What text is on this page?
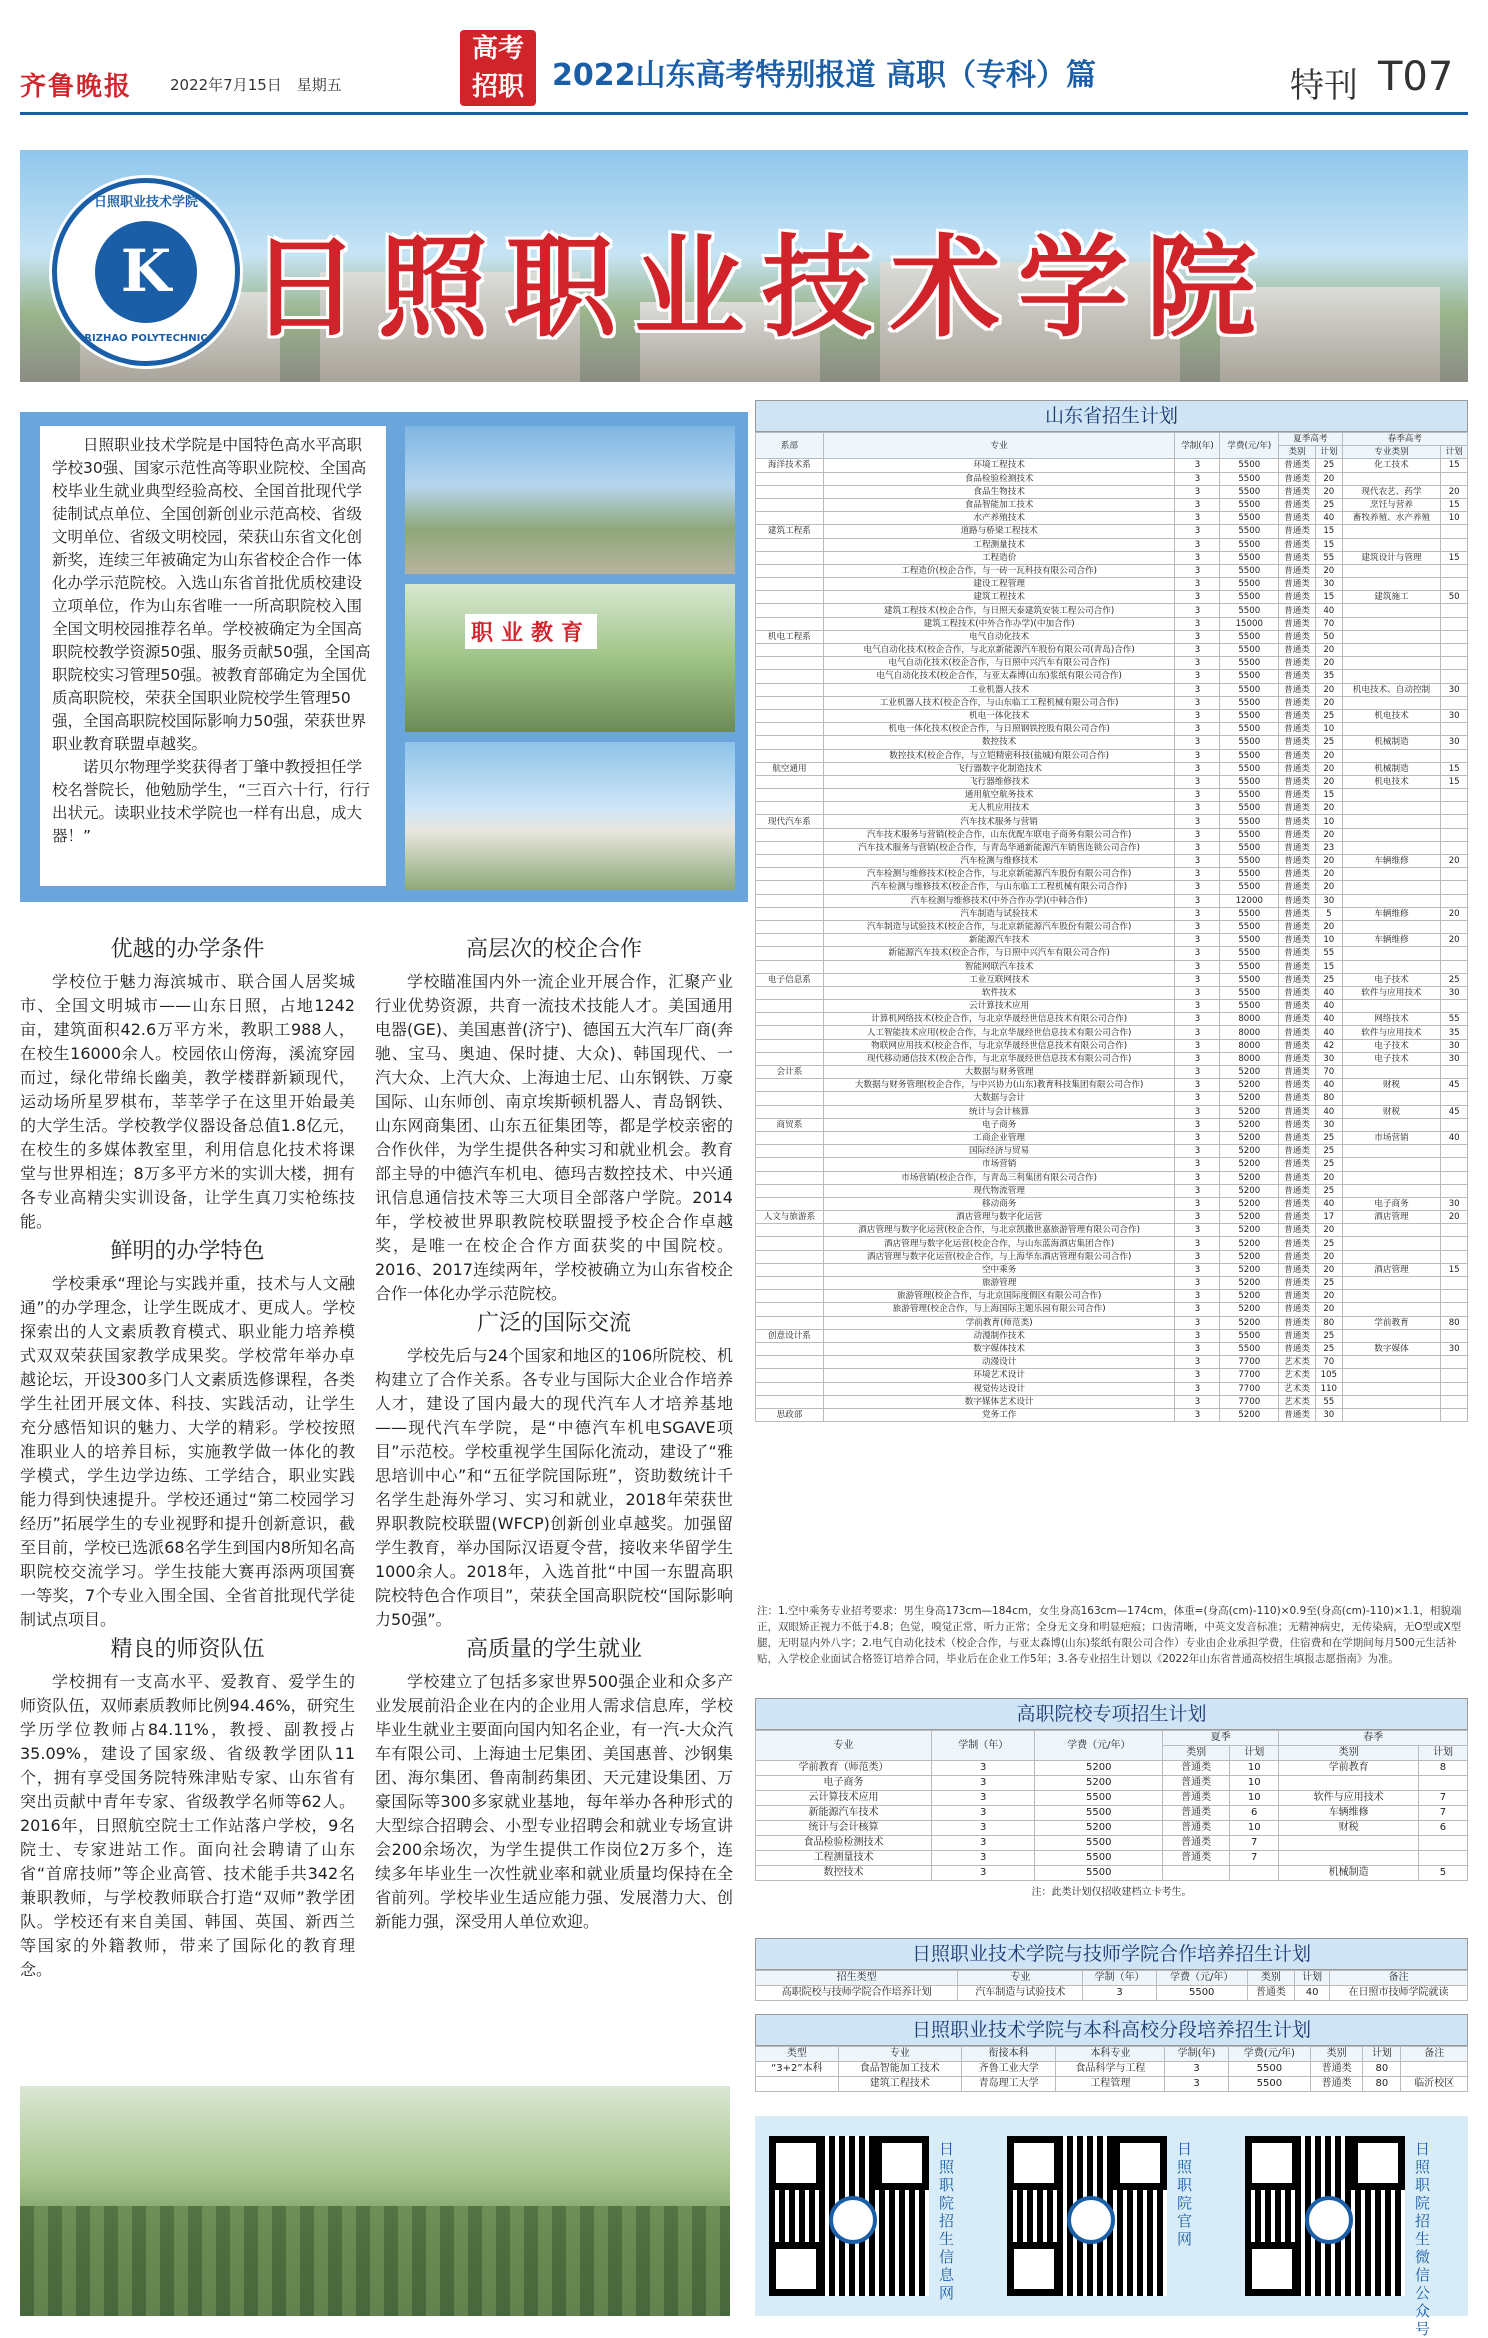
齐鲁晚报	2022年7月15日　星期五
高考
招职 2022山东高考特别报道 高职（专科）篇	特刊 T07
日照职业技术学院
K
RIZHAO POLYTECHNIC 日照职业技术学院
日照职业技术学院是中国特色高水平高职学校30强、国家示范性高等职业院校、全国高校毕业生就业典型经验高校、全国首批现代学徒制试点单位、全国创新创业示范高校、省级文明单位、省级文明校园，荣获山东省文化创新奖，连续三年被确定为山东省校企合作一体化办学示范院校。入选山东省首批优质校建设立项单位，作为山东省唯一一所高职院校入围全国文明校园推荐名单。学校被确定为全国高职院校教学资源50强、服务贡献50强，全国高职院校实习管理50强。被教育部确定为全国优质高职院校，荣获全国职业院校学生管理50强，全国高职院校国际影响力50强，荣获世界职业教育联盟卓越奖。
诺贝尔物理学奖获得者丁肇中教授担任学校名誉院长，他勉励学生，“三百六十行，行行出状元。读职业技术学院也一样有出息，成大器！”
职业教育
优越的办学条件

学校位于魅力海滨城市、联合国人居奖城市、全国文明城市——山东日照，占地1242亩，建筑面积42.6万平方米，教职工988人，在校生16000余人。校园依山傍海，溪流穿园而过，绿化带绵长幽美，教学楼群新颖现代，运动场所星罗棋布，莘莘学子在这里开始最美的大学生活。学校教学仪器设备总值1.8亿元，在校生的多媒体教室里，利用信息化技术将课堂与世界相连；8万多平方米的实训大楼，拥有各专业高精尖实训设备，让学生真刀实枪练技能。

鲜明的办学特色

学校秉承“理论与实践并重，技术与人文融通”的办学理念，让学生既成才、更成人。学校探索出的人文素质教育模式、职业能力培养模式双双荣获国家教学成果奖。学校常年举办卓越论坛，开设300多门人文素质选修课程，各类学生社团开展文体、科技、实践活动，让学生充分感悟知识的魅力、大学的精彩。学校按照准职业人的培养目标，实施教学做一体化的教学模式，学生边学边练、工学结合，职业实践能力得到快速提升。学校还通过“第二校园学习经历”拓展学生的专业视野和提升创新意识，截至目前，学校已选派68名学生到国内8所知名高职院校交流学习。学生技能大赛再添两项国赛一等奖，7个专业入围全国、全省首批现代学徒制试点项目。

精良的师资队伍

学校拥有一支高水平、爱教育、爱学生的师资队伍，双师素质教师比例94.46%，研究生学历学位教师占84.11%，教授、副教授占35.09%，建设了国家级、省级教学团队11个，拥有享受国务院特殊津贴专家、山东省有突出贡献中青年专家、省级教学名师等62人。2016年，日照航空院士工作站落户学校，9名院士、专家进站工作。面向社会聘请了山东省“首席技师”等企业高管、技术能手共342名兼职教师，与学校教师联合打造“双师”教学团队。学校还有来自美国、韩国、英国、新西兰等国家的外籍教师，带来了国际化的教育理念。

高层次的校企合作

学校瞄准国内外一流企业开展合作，汇聚产业行业优势资源，共育一流技术技能人才。美国通用电器(GE)、美国惠普(济宁)、德国五大汽车厂商(奔驰、宝马、奥迪、保时捷、大众)、韩国现代、一汽大众、上汽大众、上海迪士尼、山东钢铁、万豪国际、山东师创、南京埃斯顿机器人、青岛钢铁、山东网商集团、山东五征集团等，都是学校亲密的合作伙伴，为学生提供各种实习和就业机会。教育部主导的中德汽车机电、德玛吉数控技术、中兴通讯信息通信技术等三大项目全部落户学院。2014年，学校被世界职教院校联盟授予校企合作卓越奖，是唯一在校企合作方面获奖的中国院校。2016、2017连续两年，学校被确立为山东省校企合作一体化办学示范院校。

广泛的国际交流

学校先后与24个国家和地区的106所院校、机构建立了合作关系。各专业与国际大企业合作培养人才，建设了国内最大的现代汽车人才培养基地——现代汽车学院，是“中德汽车机电SGAVE项目”示范校。学校重视学生国际化流动，建设了“雅思培训中心”和“五征学院国际班”，资助数统计千名学生赴海外学习、实习和就业，2018年荣获世界职教院校联盟(WFCP)创新创业卓越奖。加强留学生教育，举办国际汉语夏令营，接收来华留学生1000余人。2018年，入选首批“中国一东盟高职院校特色合作项目”，荣获全国高职院校“国际影响力50强”。

高质量的学生就业

学校建立了包括多家世界500强企业和众多产业发展前沿企业在内的企业用人需求信息库，学校毕业生就业主要面向国内知名企业，有一汽-大众汽车有限公司、上海迪士尼集团、美国惠普、沙钢集团、海尔集团、鲁南制药集团、天元建设集团、万豪国际等300多家就业基地，每年举办各种形式的大型综合招聘会、小型专业招聘会和就业专场宣讲会200余场次，为学生提供工作岗位2万多个，连续多年毕业生一次性就业率和就业质量均保持在全省前列。学校毕业生适应能力强、发展潜力大、创新能力强，深受用人单位欢迎。

山东省招生计划
系部	专业	学制(年)	学费(元/年)	夏季高考		春季高考	
				类别	计划	专业类别	计划
海洋技术系	环境工程技术	3	5500	普通类	25	化工技术	15
	食品检验检测技术	3	5500	普通类	20		
	食品生物技术	3	5500	普通类	20	现代农艺、药学	20
	食品智能加工技术	3	5500	普通类	25	烹饪与营养	15
	水产养殖技术	3	5500	普通类	40	畜牧养殖、水产养殖	10
建筑工程系	道路与桥梁工程技术	3	5500	普通类	15		
	工程测量技术	3	5500	普通类	15		
	工程造价	3	5500	普通类	55	建筑设计与管理	15
	工程造价(校企合作，与一砖一瓦科技有限公司合作)	3	5500	普通类	20		
	建设工程管理	3	5500	普通类	30		
	建筑工程技术	3	5500	普通类	15	建筑施工	50
	建筑工程技术(校企合作，与日照天泰建筑安装工程公司合作)	3	5500	普通类	40		
	建筑工程技术(中外合作办学)(中加合作)	3	15000	普通类	70		
机电工程系	电气自动化技术	3	5500	普通类	50		
	电气自动化技术(校企合作，与北京新能源汽车股份有限公司(青岛)合作)	3	5500	普通类	20		
	电气自动化技术(校企合作，与日照中兴汽车有限公司合作)	3	5500	普通类	20		
	电气自动化技术(校企合作，与亚太森博(山东)浆纸有限公司合作)	3	5500	普通类	35		
	工业机器人技术	3	5500	普通类	20	机电技术、自动控制	30
	工业机器人技术(校企合作，与山东临工工程机械有限公司合作)	3	5500	普通类	20		
	机电一体化技术	3	5500	普通类	25	机电技术	30
	机电一体化技术(校企合作，与日照钢铁控股有限公司合作)	3	5500	普通类	10		
	数控技术	3	5500	普通类	25	机械制造	30
	数控技术(校企合作，与立铠精密科技(盐城)有限公司合作)	3	5500	普通类	20		
航空通用	飞行器数字化制造技术	3	5500	普通类	20	机械制造	15
	飞行器维修技术	3	5500	普通类	20	机电技术	15
	通用航空航务技术	3	5500	普通类	15		
	无人机应用技术	3	5500	普通类	20		
现代汽车系	汽车技术服务与营销	3	5500	普通类	10		
	汽车技术服务与营销(校企合作，山东优配车联电子商务有限公司合作)	3	5500	普通类	20		
	汽车技术服务与营销(校企合作，与青岛华通新能源汽车销售连锁公司合作)	3	5500	普通类	23		
	汽车检测与维修技术	3	5500	普通类	20	车辆维修	20
	汽车检测与维修技术(校企合作，与北京新能源汽车股份有限公司合作)	3	5500	普通类	20		
	汽车检测与维修技术(校企合作，与山东临工工程机械有限公司合作)	3	5500	普通类	20		
	汽车检测与维修技术(中外合作办学)(中韩合作)	3	12000	普通类	30		
	汽车制造与试验技术	3	5500	普通类	5	车辆维修	20
	汽车制造与试验技术(校企合作，与北京新能源汽车股份有限公司合作)	3	5500	普通类	20		
	新能源汽车技术	3	5500	普通类	10	车辆维修	20
	新能源汽车技术(校企合作，与日照中兴汽车有限公司合作)	3	5500	普通类	55		
	智能网联汽车技术	3	5500	普通类	15		
电子信息系	工业互联网技术	3	5500	普通类	25	电子技术	25
	软件技术	3	5500	普通类	40	软件与应用技术	30
	云计算技术应用	3	5500	普通类	40		
	计算机网络技术(校企合作，与北京华晟经世信息技术有限公司合作)	3	8000	普通类	40	网络技术	55
	人工智能技术应用(校企合作，与北京华晟经世信息技术有限公司合作)	3	8000	普通类	40	软件与应用技术	35
	物联网应用技术(校企合作，与北京华晟经世信息技术有限公司合作)	3	8000	普通类	42	电子技术	30
	现代移动通信技术(校企合作，与北京华晟经世信息技术有限公司合作)	3	8000	普通类	30	电子技术	30
会计系	大数据与财务管理	3	5200	普通类	70		
	大数据与财务管理(校企合作，与中兴协力(山东)教育科技集团有限公司合作)	3	5200	普通类	40	财税	45
	大数据与会计	3	5200	普通类	80		
	统计与会计核算	3	5200	普通类	40	财税	45
商贸系	电子商务	3	5200	普通类	30		
	工商企业管理	3	5200	普通类	25	市场营销	40
	国际经济与贸易	3	5200	普通类	25		
	市场营销	3	5200	普通类	25		
	市场营销(校企合作，与青岛三利集团有限公司合作)	3	5200	普通类	20		
	现代物流管理	3	5200	普通类	25		
	移动商务	3	5200	普通类	40	电子商务	30
人文与旅游系	酒店管理与数字化运营	3	5200	普通类	17	酒店管理	20
	酒店管理与数字化运营(校企合作，与北京凯撒世嘉旅游管理有限公司合作)	3	5200	普通类	20		
	酒店管理与数字化运营(校企合作，与山东蓝海酒店集团合作)	3	5200	普通类	25		
	酒店管理与数字化运营(校企合作，与上海华东酒店管理有限公司合作)	3	5200	普通类	20		
	空中乘务	3	5200	普通类	20	酒店管理	15
	旅游管理	3	5200	普通类	25		
	旅游管理(校企合作，与北京国际度假区有限公司合作)	3	5200	普通类	20		
	旅游管理(校企合作，与上海国际主题乐园有限公司合作)	3	5200	普通类	20		
	学前教育(师范类)	3	5200	普通类	80	学前教育	80
创意设计系	动漫制作技术	3	5500	普通类	25		
	数字媒体技术	3	5500	普通类	25	数字媒体	30
	动漫设计	3	7700	艺术类	70		
	环境艺术设计	3	7700	艺术类	105		
	视觉传达设计	3	7700	艺术类	110		
	数字媒体艺术设计	3	7700	艺术类	55		
思政部	党务工作	3	5200	普通类	30		
注：1.空中乘务专业招考要求：男生身高173cm—184cm，女生身高163cm—174cm，体重=(身高(cm)-110)×0.9至(身高(cm)-110)×1.1，相貌端正，双眼矫正视力不低于4.8；色觉，嗅觉正常，听力正常；全身无文身和明显疤痕；口齿清晰，中英文发音标准；无精神病史，无传染病，无O型或X型腿，无明显内外八字；2.电气自动化技术（校企合作，与亚太森博(山东)浆纸有限公司合作）专业由企业承担学费，住宿费和在学期间每月500元生活补贴，入学校企业面试合格签订培养合同，毕业后在企业工作5年；3.各专业招生计划以《2022年山东省普通高校招生填报志愿指南》为准。
高职院校专项招生计划
专业	学制（年）	学费（元/年）	夏季		春季	
			类别	计划	类别	计划
学前教育（师范类）	3	5200	普通类	10	学前教育	8
电子商务	3	5200	普通类	10		
云计算技术应用	3	5500	普通类	10	软件与应用技术	7
新能源汽车技术	3	5500	普通类	6	车辆维修	7
统计与会计核算	3	5200	普通类	10	财税	6
食品检验检测技术	3	5500	普通类	7		
工程测量技术	3	5500	普通类	7		
数控技术	3	5500			机械制造	5
注：此类计划仅招收建档立卡考生。
日照职业技术学院与技师学院合作培养招生计划
招生类型	专业	学制（年）	学费（元/年）	类别	计划	备注
高职院校与技师学院合作培养计划	汽车制造与试验技术	3	5500	普通类	40	在日照市技师学院就读
日照职业技术学院与本科高校分段培养招生计划
类型	专业	衔接本科	本科专业	学制(年)	学费(元/年)	类别	计划	备注
“3+2”本科	食品智能加工技术	齐鲁工业大学	食品科学与工程	3	5500	普通类	80	
	建筑工程技术	青岛理工大学	工程管理	3	5500	普通类	80	临沂校区
日照职院招生信息网
日照职院官网
日照职院招生微信公众号
